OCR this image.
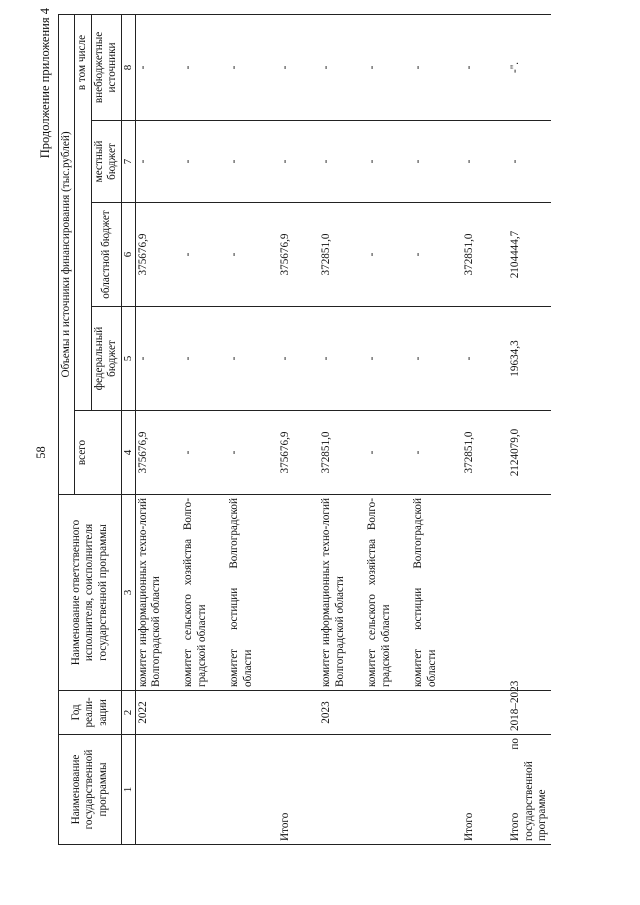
58
Продолжение приложения 4
Наименование государственной программы	Год реали-зации	Наименование ответственного исполнителя, соисполнителя государственной программы	Объемы и источники финансирования (тыс.рублей)				
			всего	в том числе			
				федеральный бюджет	областной бюджет	местный бюджет	внебюджетные источники
1	2	3	4	5	6	7	8
	2022	комитет информационных техно-логий Волгоградской области	375676,9	-	375676,9	-	-
		комитет сельского хозяйства Волго-градской области	-	-	-	-	-
		комитет юстиции Волгоградской области	-	-	-	-	-
Итого			375676,9	-	375676,9	-	-
	2023	комитет информационных техно-логий Волгоградской области	372851,0	-	372851,0	-	-
		комитет сельского хозяйства Волго-градской области	-	-	-	-	-
		комитет юстиции Волгоградской области	-	-	-	-	-
Итого			372851,0	-	372851,0	-	-
Итого по государственной программе	2018–2023		2124079,0	19634,3	2104444,7	-	-".
